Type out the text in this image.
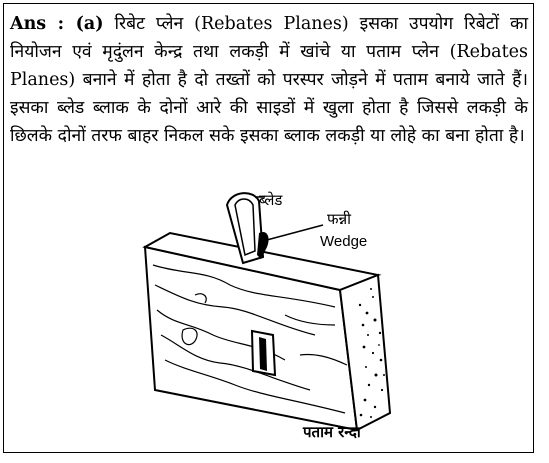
Ans : (a) रिबेट प्लेन (Rebates Planes) इसका उपयोग रिबेटों का नियोजन एवं मृदुंलन केन्द्र तथा लकड़ी में खांचे या पताम प्लेन (Rebates Planes) बनाने में होता है दो तख्तों को परस्पर जोड़ने में पताम बनाये जाते हैं। इसका ब्लेड ब्लाक के दोनों आरे की साइडों में खुला होता है जिससे लकड़ी के छिलके दोनों तरफ बाहर निकल सके इसका ब्लाक लकड़ी या लोहे का बना होता है।
ब्लेड
फन्नी
Wedge
पताम रन्दा
